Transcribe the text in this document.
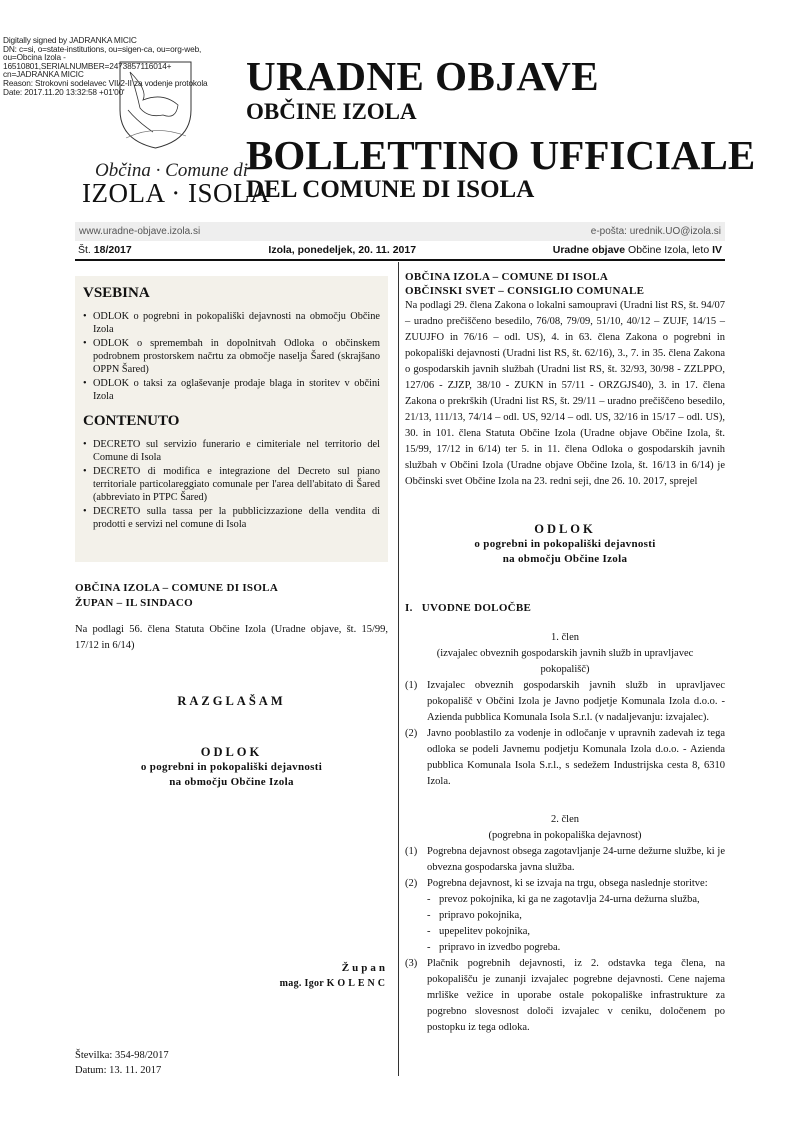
Digitally signed by JADRANKA MICIC
DN: c=si, o=state-institutions, ou=sigen-ca, ou=org-web,
ou=Obcina Izola -
16510801,SERIALNUMBER=2473857116014+
cn=JADRANKA MICIC
Reason: Strokovni sodelavec VII/2-II za vodenje protokola
Date: 2017.11.20 13:32:58 +01'00'
Občina · Comune di
IZOLA · ISOLA
URADNE OBJAVE
OBČINE IZOLA
BOLLETTINO UFFICIALE
DEL COMUNE DI ISOLA
www.uradne-objave.izola.si	e-pošta: urednik.UO@izola.si
Št. 18/2017	Izola, ponedeljek, 20. 11. 2017	Uradne objave Občine Izola, leto IV
VSEBINA
• ODLOK o pogrebni in pokopališki dejavnosti na območju Občine Izola
• ODLOK o spremembah in dopolnitvah Odloka o občinskem podrobnem prostorskem načrtu za območje naselja Šared (skrajšano OPPN Šared)
• ODLOK o taksi za oglaševanje prodaje blaga in storitev v občini Izola
CONTENUTO
• DECRETO sul servizio funerario e cimiteriale nel territorio del Comune di Isola
• DECRETO di modifica e integrazione del Decreto sul piano territoriale particolareggiato comunale per l'area dell'abitato di Šared (abbreviato in PTPC Šared)
• DECRETO sulla tassa per la pubblicizzazione della vendita di prodotti e servizi nel comune di Isola
OBČINA IZOLA – COMUNE DI ISOLA
ŽUPAN – IL SINDACO
Na podlagi 56. člena Statuta Občine Izola (Uradne objave, št. 15/99, 17/12 in 6/14)
RAZGLAŠAM
ODLOK
o pogrebni in pokopališki dejavnosti
na območju Občine Izola
Župan
mag. Igor KOLENC
Številka: 354-98/2017
Datum: 13. 11. 2017
OBČINA IZOLA – COMUNE DI ISOLA
OBČINSKI SVET – CONSIGLIO COMUNALE
Na podlagi 29. člena Zakona o lokalni samoupravi (Uradni list RS, št. 94/07 – uradno prečiščeno besedilo, 76/08, 79/09, 51/10, 40/12 – ZUJF, 14/15 – ZUUJFO in 76/16 – odl. US), 4. in 63. člena Zakona o pogrebni in pokopališki dejavnosti (Uradni list RS, št. 62/16), 3., 7. in 35. člena Zakona o gospodarskih javnih službah (Uradni list RS, št. 32/93, 30/98 - ZZLPPO, 127/06 - ZJZP, 38/10 - ZUKN in 57/11 - ORZGJS40), 3. in 17. člena Zakona o prekrških (Uradni list RS, št. 29/11 – uradno prečiščeno besedilo, 21/13, 111/13, 74/14 – odl. US, 92/14 – odl. US, 32/16 in 15/17 – odl. US), 30. in 101. člena Statuta Občine Izola (Uradne objave Občine Izola, št. 15/99, 17/12 in 6/14) ter 5. in 11. člena Odloka o gospodarskih javnih službah v Občini Izola (Uradne objave Občine Izola, št. 16/13 in 6/14) je Občinski svet Občine Izola na 23. redni seji, dne 26. 10. 2017, sprejel
ODLOK
o pogrebni in pokopališki dejavnosti
na območju Občine Izola
I.   UVODNE DOLOČBE
1. člen
(izvajalec obveznih gospodarskih javnih služb in upravljavec pokopališč)
(1) Izvajalec obveznih gospodarskih javnih služb in upravljavec pokopališč v Občini Izola je Javno podjetje Komunala Izola d.o.o. - Azienda pubblica Komunala Isola S.r.l. (v nadaljevanju: izvajalec).
(2) Javno pooblastilo za vodenje in odločanje v upravnih zadevah iz tega odloka se podeli Javnemu podjetju Komunala Izola d.o.o. - Azienda pubblica Komunala Isola S.r.l., s sedežem Industrijska cesta 8, 6310 Izola.
2. člen
(pogrebna in pokopališka dejavnost)
(1) Pogrebna dejavnost obsega zagotavljanje 24-urne dežurne službe, ki je obvezna gospodarska javna služba.
(2) Pogrebna dejavnost, ki se izvaja na trgu, obsega naslednje storitve:
- prevoz pokojnika, ki ga ne zagotavlja 24-urna dežurna služba,
- pripravo pokojnika,
- upepelitev pokojnika,
- pripravo in izvedbo pogreba.
(3) Plačnik pogrebnih dejavnosti, iz 2. odstavka tega člena, na pokopališču je zunanji izvajalec pogrebne dejavnosti. Cene najema mrliške vežice in uporabe ostale pokopališke infrastrukture za pogrebno slovesnost določi izvajalec v ceniku, določenem po postopku iz tega odloka.
